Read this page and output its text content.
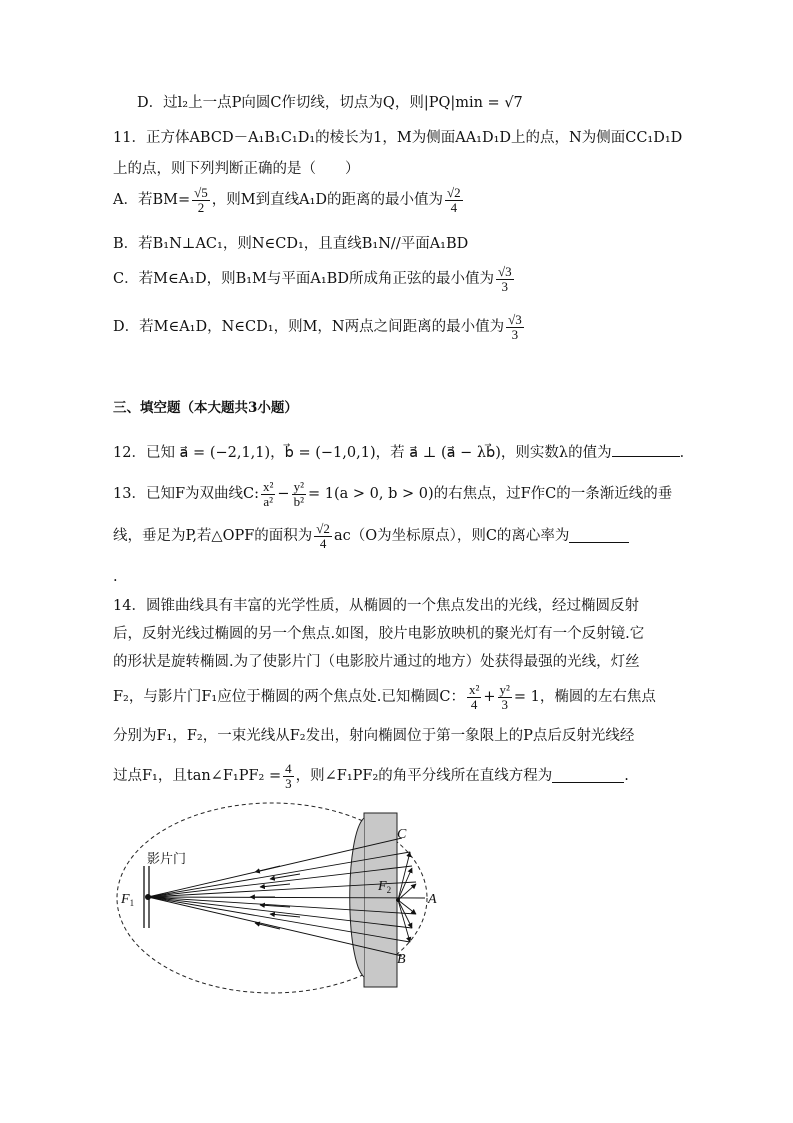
D．过l₂上一点P向圆C作切线，切点为Q，则|PQ|min = √7
11．正方体ABCD－A₁B₁C₁D₁的棱长为1，M为侧面AA₁D₁D上的点，N为侧面CC₁D₁D
上的点，则下列判断正确的是（　　）
A．若$BM= \frac{√5}{2}$ ，则M到直线A₁D的距离的最小值为 $\frac{√2}{4}$
B．若B₁N⊥AC₁，则N∈CD₁，且直线B₁N//平面A₁BD
C．若M∈A₁D，则B₁M与平面A₁BD所成角正弦的最小值为 $\frac{√3}{3}$
D．若M∈A₁D，N∈CD₁，则M，N两点之间距离的最小值为 $\frac{√3}{3}$
三、填空题（本大题共3小题）
12．已知 a⃗ = (−2,1,1)，b⃗ = (−1,0,1)，若 a⃗ ⊥ (a⃗ − λb⃗)，则实数λ的值为	．
13．已知F为双曲线C: $\frac{\text{x²}}{\text{a²}} - \frac{\text{y²}}{\text{b²}} = 1(a > 0$, b > 0)的右焦点，过F作C的一条渐近线的垂
线，垂足为P,若△OPF的面积为 $\frac{√2}{4} ac(O$为坐标原点），则C的离心率为
.
14．圆锥曲线具有丰富的光学性质，从椭圆的一个焦点发出的光线，经过椭圆反射
后，反射光线过椭圆的另一个焦点.如图，胶片电影放映机的聚光灯有一个反射镜.它
的形状是旋转椭圆.为了使影片门（电影胶片通过的地方）处获得最强的光线，灯丝
F₂，与影片门F₁应位于椭圆的两个焦点处.已知椭圆C： $\frac{\text{x²}}{4} + \frac{\text{y²}}{3} = 1$，椭圆的左右焦点
分别为F₁，F₂，一束光线从F₂发出，射向椭圆位于第一象限上的P点后反射光线经
过点F₁，且tan∠F₁PF₂ = $\frac{4}{3}$ ，则∠F₁PF₂的角平分线所在直线方程为	.
影片门
$F_1$
$F_2$
C
A
B
